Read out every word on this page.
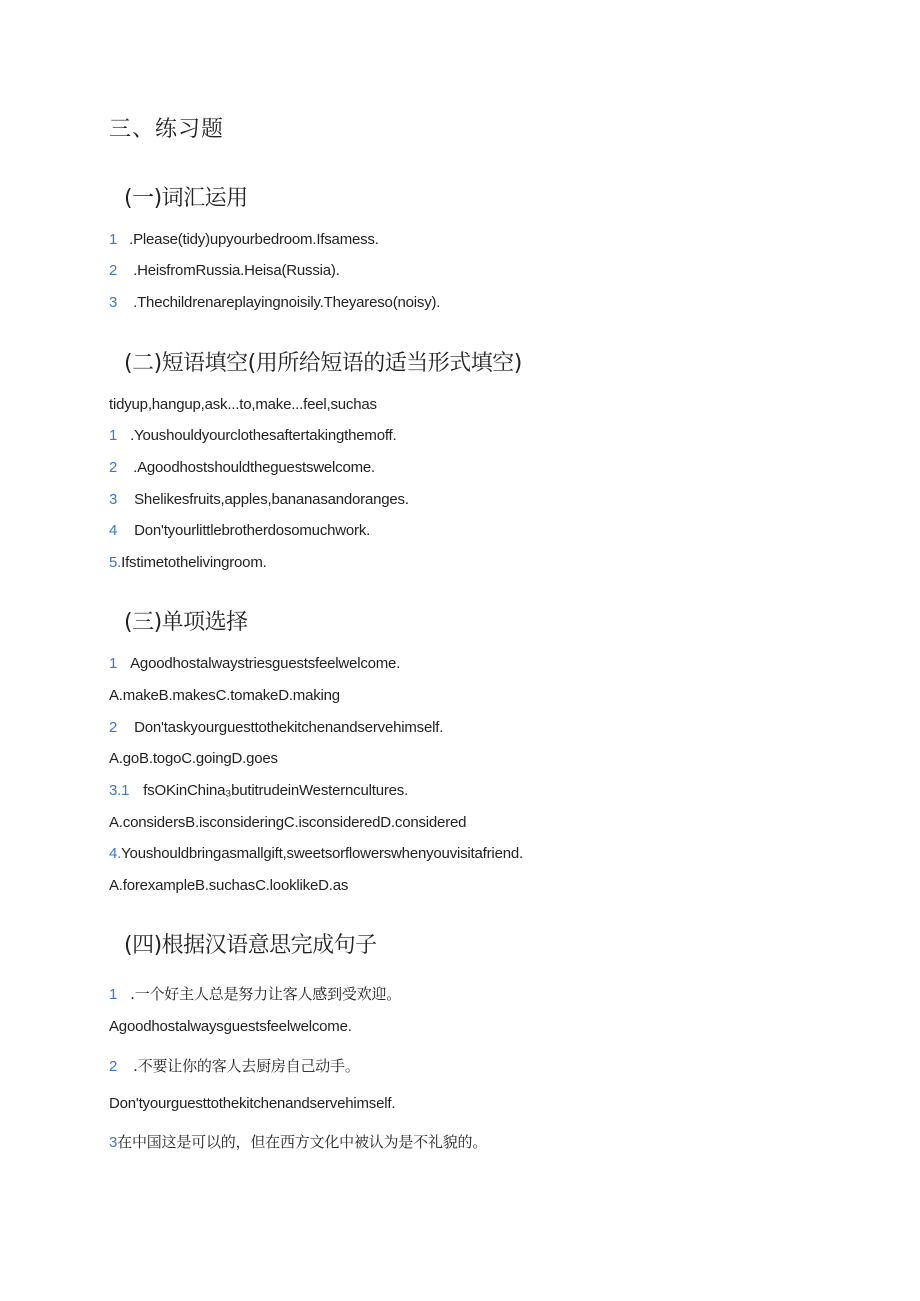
三、练习题
(一)词汇运用
1 .Please(tidy)upyourbedroom.Ifsamess.
2 .HeisfromRussia.Heisa(Russia).
3 .Thechildrenareplayingnoisily.Theyareso(noisy).
(二)短语填空(用所给短语的适当形式填空)
tidyup,hangup,ask...to,make...feel,suchas
1 .Youshouldyourclothesaftertakingthemoff.
2 .Agoodhostshouldtheguestswelcome.
3 Shelikesfruits,apples,bananasandoranges.
4 Don'tyourlittlebrotherdosomuchwork.
5.Ifstimetothelivingroom.
(三)单项选择
1 Agoodhostalwaystriesguestsfeelwelcome.
A.makeB.makesC.tomakeD.making
2 Don'taskyourguesttothekitchenandservehimself.
A.goB.togoC.goingD.goes
3.1 fsOKinChina₃butitrudeinWesterncultures.
A.considersB.isconsideringC.isconsideredD.considered
4.Youshouldbringasmallgift,sweetsorflowerswhenyouvisitafriend.
A.forexampleB.suchasC.looklikeD.as
(四)根据汉语意思完成句子
1 .一个好主人总是努力让客人感到受欢迎。
Agoodhostalwaysguestsfeelwelcome.
2 .不要让你的客人去厨房自己动手。
Don'tyourguesttothekitchenandservehimself.
3在中国这是可以的，但在西方文化中被认为是不礼貌的。
